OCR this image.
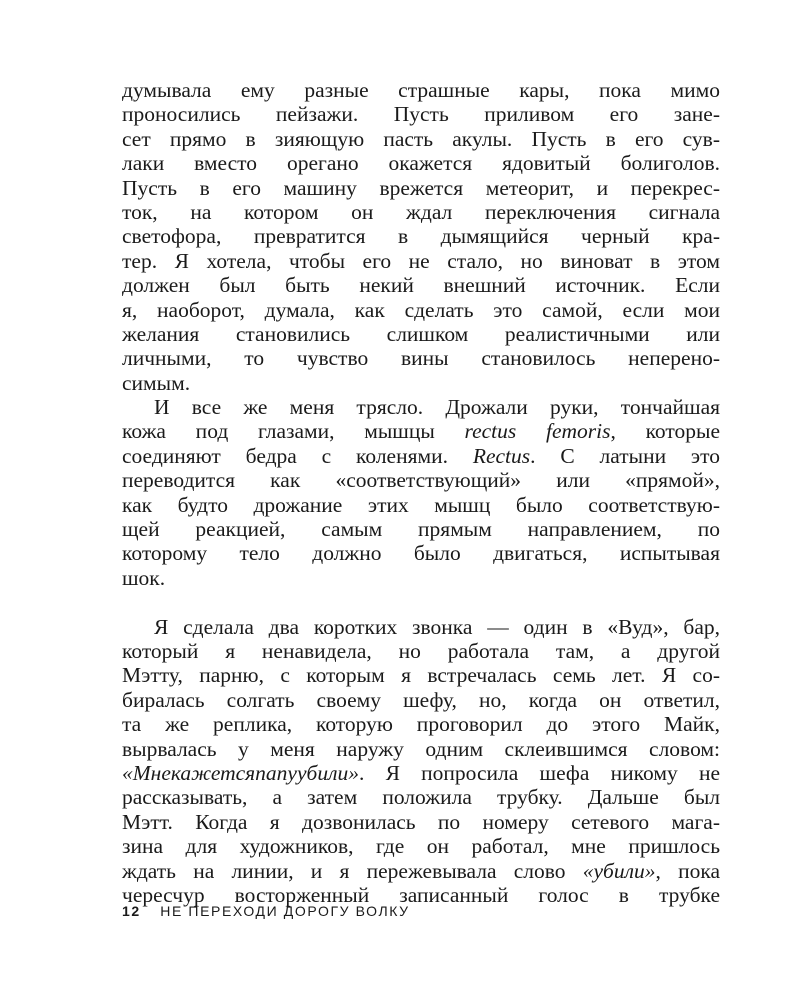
думывала ему разные страшные кары, пока мимо
проносились пейзажи. Пусть приливом его зане-
сет прямо в зияющую пасть акулы. Пусть в его сув-
лаки вместо орегано окажется ядовитый болиголов.
Пусть в его машину врежется метеорит, и перекрес-
ток, на котором он ждал переключения сигнала
светофора, превратится в дымящийся черный кра-
тер. Я хотела, чтобы его не стало, но виноват в этом
должен был быть некий внешний источник. Если
я, наоборот, думала, как сделать это самой, если мои
желания становились слишком реалистичными или
личными, то чувство вины становилось неперено-
симым.
И все же меня трясло. Дрожали руки, тончайшая
кожа под глазами, мышцы rectus femoris, которые
соединяют бедра с коленями. Rectus. С латыни это
переводится как «соответствующий» или «прямой»,
как будто дрожание этих мышц было соответствую-
щей реакцией, самым прямым направлением, по
которому тело должно было двигаться, испытывая
шок.
Я сделала два коротких звонка — один в «Вуд», бар,
который я ненавидела, но работала там, а другой
Мэтту, парню, с которым я встречалась семь лет. Я со-
биралась солгать своему шефу, но, когда он ответил,
та же реплика, которую проговорил до этого Майк,
вырвалась у меня наружу одним склеившимся словом:
«Мнекажетсяпапуубили». Я попросила шефа никому не
рассказывать, а затем положила трубку. Дальше был
Мэтт. Когда я дозвонилась по номеру сетевого мага-
зина для художников, где он работал, мне пришлось
ждать на линии, и я пережевывала слово «убили», пока
чересчур восторженный записанный голос в трубке
12 НЕ ПЕРЕХОДИ ДОРОГУ ВОЛКУ
